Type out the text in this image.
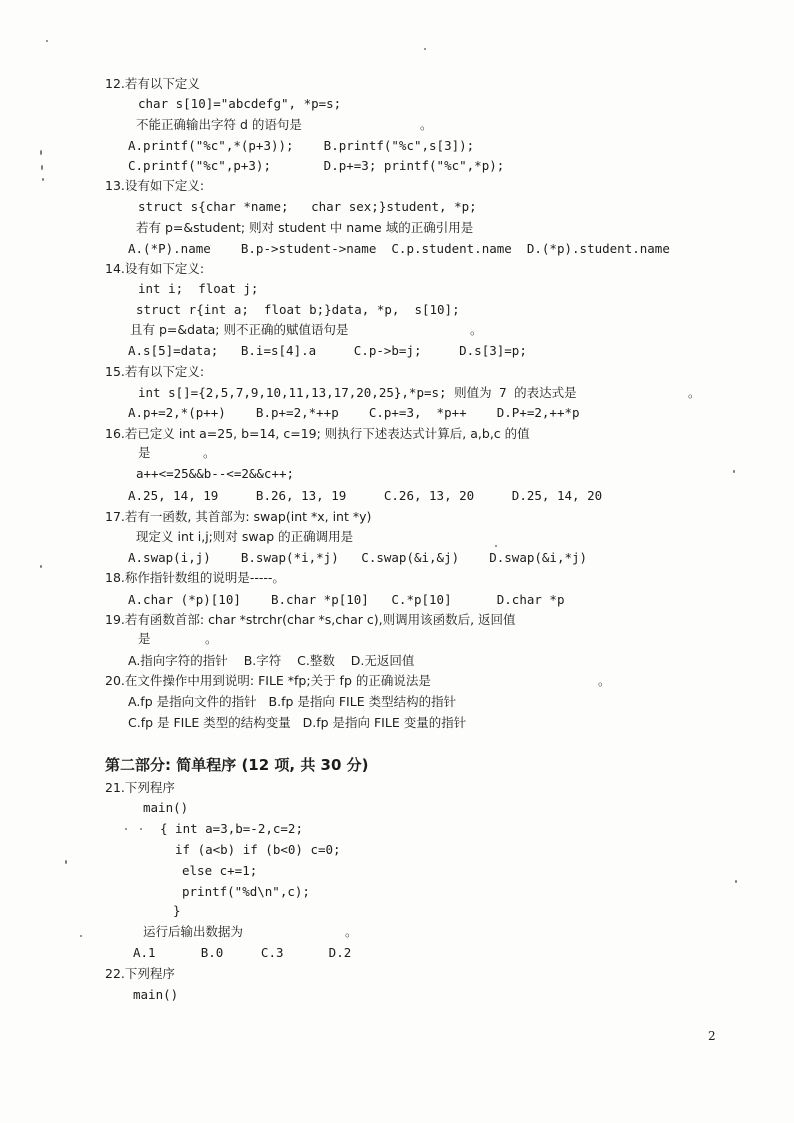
12.若有以下定义
char s[10]="abcdefg", *p=s;
不能正确输出字符 d 的语句是	。
A.printf("%c",*(p+3));    B.printf("%c",s[3]);
C.printf("%c",p+3);       D.p+=3; printf("%c",*p);
13.设有如下定义:
struct s{char *name;   char sex;}student, *p;
若有 p=&student; 则对 student 中 name 域的正确引用是
A.(*P).name    B.p->student->name  C.p.student.name  D.(*p).student.name
14.设有如下定义:
int i;  float j;
struct r{int a;  float b;}data, *p,  s[10];
且有 p=&data; 则不正确的赋值语句是	。
A.s[5]=data;   B.i=s[4].a     C.p->b=j;     D.s[3]=p;
15.若有以下定义:
int s[]={2,5,7,9,10,11,13,17,20,25},*p=s; 则值为 7 的表达式是	。
A.p+=2,*(p++)    B.p+=2,*++p    C.p+=3,  *p++    D.P+=2,++*p
16.若已定义 int a=25, b=14, c=19; 则执行下述表达式计算后, a,b,c 的值
是	。
a++<=25&&b--<=2&&c++;
A.25, 14, 19     B.26, 13, 19     C.26, 13, 20     D.25, 14, 20
17.若有一函数, 其首部为: swap(int *x, int *y)
现定义 int i,j;则对 swap 的正确调用是
A.swap(i,j)    B.swap(*i,*j)   C.swap(&i,&j)    D.swap(&i,*j)
18.称作指针数组的说明是-----。
A.char (*p)[10]    B.char *p[10]   C.*p[10]      D.char *p
19.若有函数首部: char *strchr(char *s,char c),则调用该函数后, 返回值
是	。
A.指向字符的指针    B.字符    C.整数    D.无返回值
20.在文件操作中用到说明: FILE *fp;关于 fp 的正确说法是	。
A.fp 是指向文件的指针   B.fp 是指向 FILE 类型结构的指针
C.fp 是 FILE 类型的结构变量   D.fp 是指向 FILE 变量的指针
第二部分: 简单程序 (12 项, 共 30 分)
21.下列程序
main()
{ int a=3,b=-2,c=2;
if (a<b) if (b<0) c=0;
else c+=1;
printf("%d\n",c);
}
运行后输出数据为	。
A.1      B.0     C.3      D.2
22.下列程序
main()
2
